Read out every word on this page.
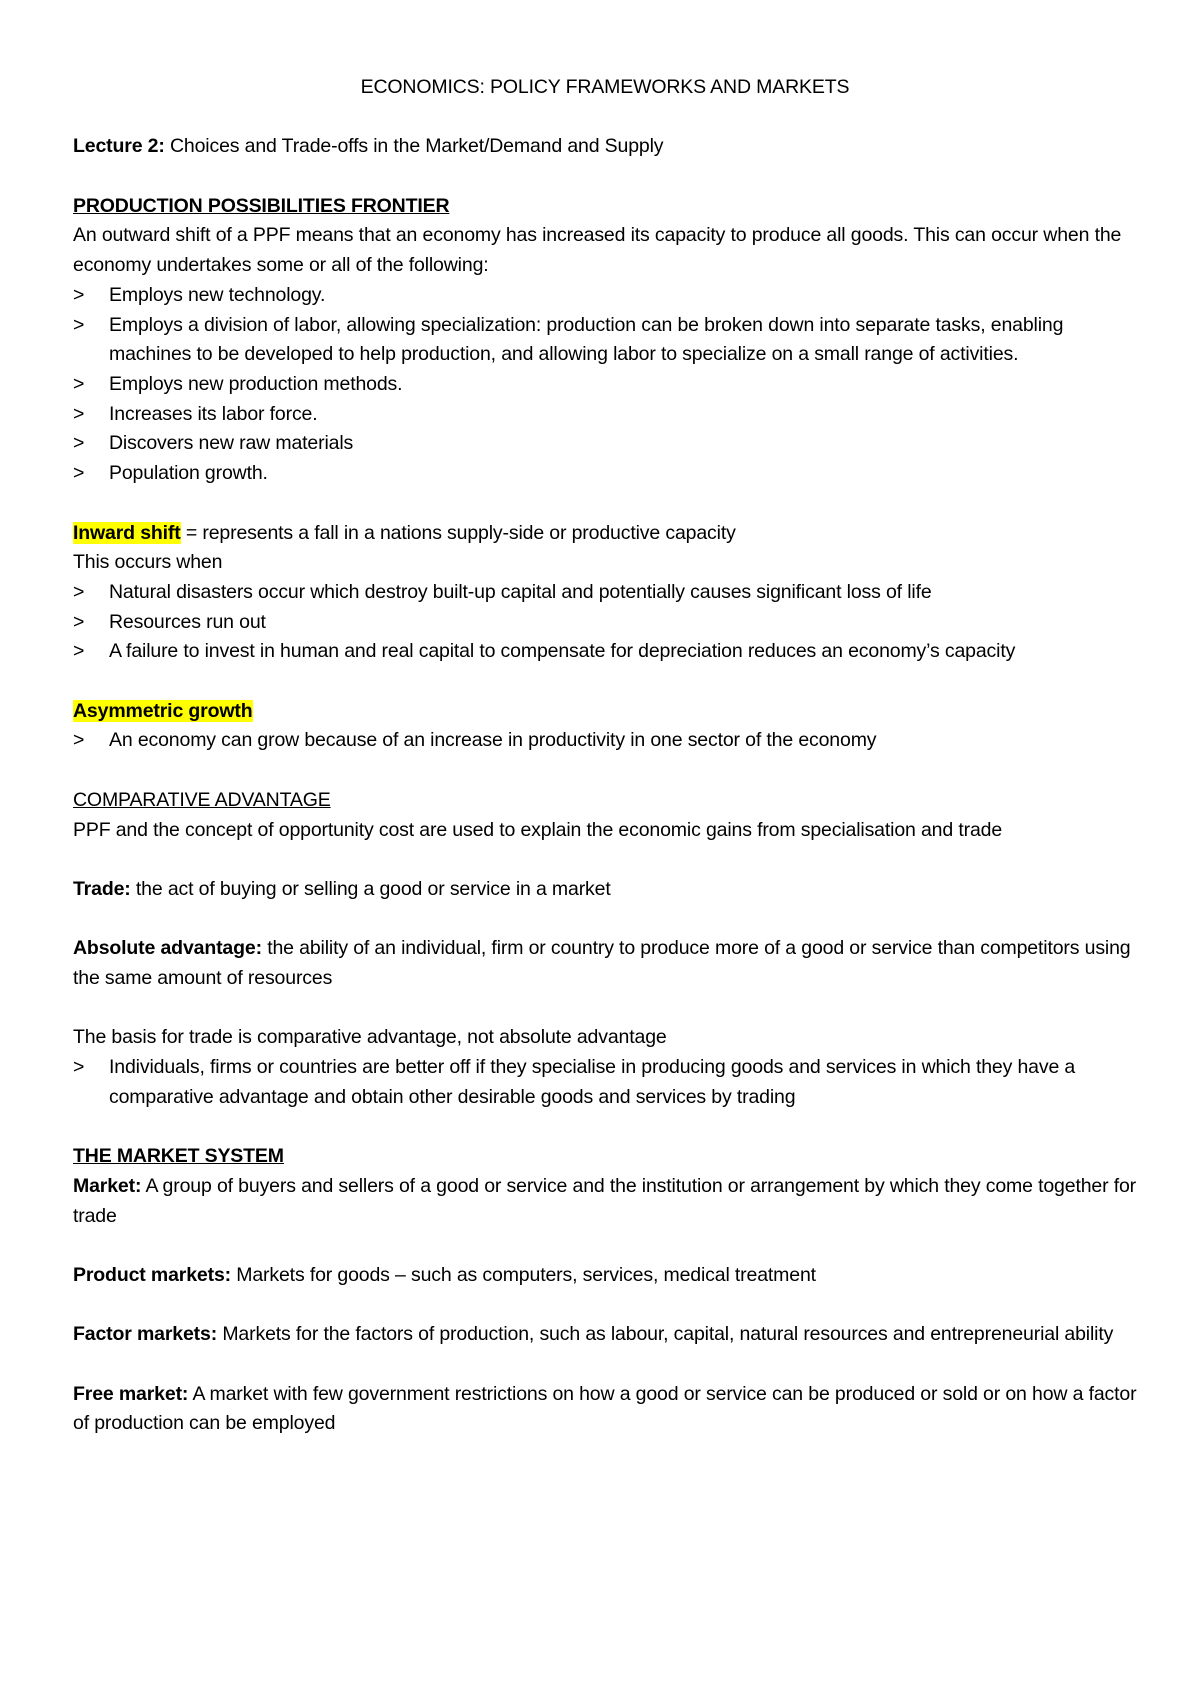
ECONOMICS: POLICY FRAMEWORKS AND MARKETS

Lecture 2: Choices and Trade-offs in the Market/Demand and Supply

PRODUCTION POSSIBILITIES FRONTIER

An outward shift of a PPF means that an economy has increased its capacity to produce all goods. This can occur when the economy undertakes some or all of the following:

>	Employs new technology.
>	Employs a division of labor, allowing specialization: production can be broken down into separate tasks, enabling machines to be developed to help production, and allowing labor to specialize on a small range of activities.
>	Employs new production methods.
>	Increases its labor force.
>	Discovers new raw materials
>	Population growth.

Inward shift = represents a fall in a nations supply-side or productive capacity

This occurs when

>	Natural disasters occur which destroy built-up capital and potentially causes significant loss of life
>	Resources run out
>	A failure to invest in human and real capital to compensate for depreciation reduces an economy’s capacity

Asymmetric growth

>	An economy can grow because of an increase in productivity in one sector of the economy

COMPARATIVE ADVANTAGE

PPF and the concept of opportunity cost are used to explain the economic gains from specialisation and trade

Trade: the act of buying or selling a good or service in a market

Absolute advantage: the ability of an individual, firm or country to produce more of a good or service than competitors using the same amount of resources

The basis for trade is comparative advantage, not absolute advantage

>	Individuals, firms or countries are better off if they specialise in producing goods and services in which they have a comparative advantage and obtain other desirable goods and services by trading

THE MARKET SYSTEM

Market: A group of buyers and sellers of a good or service and the institution or arrangement by which they come together for trade

Product markets: Markets for goods – such as computers, services, medical treatment

Factor markets: Markets for the factors of production, such as labour, capital, natural resources and entrepreneurial ability

Free market: A market with few government restrictions on how a good or service can be produced or sold or on how a factor of production can be employed
